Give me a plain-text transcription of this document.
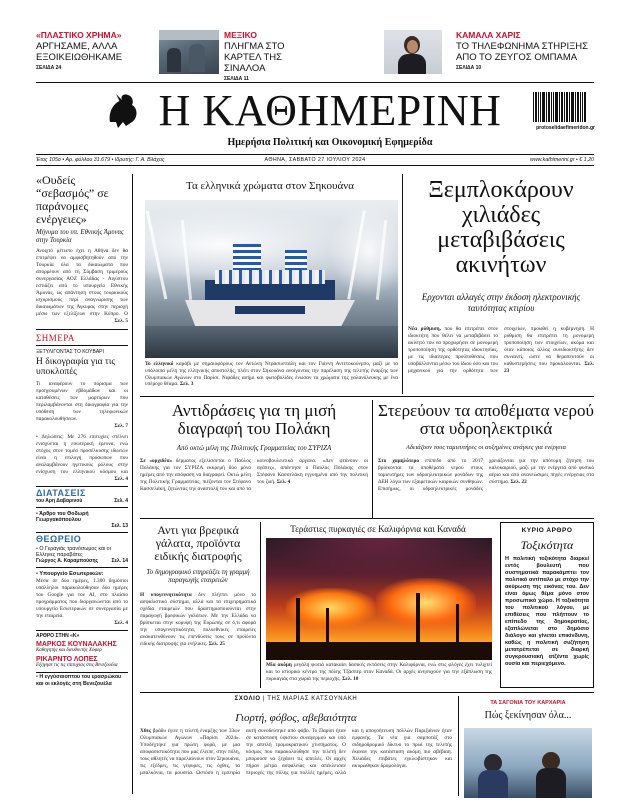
«ΠΛΑΣΤΙΚΟ ΧΡΗΜΑ»
ΑΡΓΗΣΑΜΕ, ΑΛΛΑ ΕΞΟΙΚΕΙΩΘΗΚΑΜΕ
ΣΕΛΙΔΑ 24
ΜΕΞΙΚΟ
ΠΛΗΓΜΑ ΣΤΟ ΚΑΡΤΕΛ ΤΗΣ ΣΙΝΑΛΟΑ
ΣΕΛΙΔΑ 11
ΚΑΜΑΛΑ ΧΑΡΙΣ
ΤΟ ΤΗΛΕΦΩΝΗΜΑ ΣΤΗΡΙΞΗΣ ΑΠΟ ΤΟ ΖΕΥΓΟΣ ΟΜΠΑΜΑ
ΣΕΛΙΔΑ 10
Η ΚΑΘΗΜΕΡΙΝΗ
Ημερήσια Πολιτική και Οικονομική Εφημερίδα
protoselidaefimeridon.gr
Έτος 105ο • Αρ. φύλλου 31.679 • Ιδρυτής: Γ. Α. Βλάχος	ΑΘΗΝΑ, ΣΑΒΒΑΤΟ 27 ΙΟΥΛΙΟΥ 2024	www.kathimerini.gr • € 1,20
«Ουδείς “σεβασμός” σε παράνομες ενέργειες»
Μήνυμα του υπ. Εθνικής Άμυνας στην Τουρκία
Ανοιχτό μέτωπο έχει η Αθήνα δεν θα επιτρέψει να αμφισβητηθούν από την Τουρκία όλα τα δικαιώματα που απορρέουν από τη Σύμβαση τριμερούς συνεργασίας ΑΟΖ Ελλάδας - Αιγύπτου εστιάζει από το υπουργείο Εθνικής Άμυνας, ως απάντηση στους τουρκικούς ισχυρισμούς περί αναγνώρισης των δικαιωμάτων της Άγκυρας στην περιοχή μέσω των εξελίξεων στην Κύπρο. Ο
Σελ. 5
ΣΗΜΕΡΑ
ΞΕΤΥΛΙΓΟΝΤΑΣ ΤΟ ΚΟΥΒΑΡΙ
Η δικογραφία για τις υποκλοπές
Τι αναφέρουν το πόρισμα των προηγουμένων εβδομάδων και οι καταθέσεις των μαρτύρων που περιλαμβάνονται στη δικογραφία για την υπόθεση των τηλεφωνικών παρακολουθήσεων.
Σελ. 7
• Δηλώσεις: Με 276 επιτυχίες στέλνει ενισχύεται η εσωτερική έρευνα, ενώ στόχος στον τομέα προσέλκυσης ιδιωτών είναι η επιλογή πρόσωπων που αναλαμβάνουν ηγετικούς ρόλους στην ενίσχυση του ελληνικού κόσμου και
Σελ. 4
ΔΙΑΤΑΣΕΙΣ
του Αρη Δαβαρινού	Σελ. 4
• Άρθρο του Θοδωρή Γεωργακόπουλου
Σελ. 13
ΘΕΩΡΕΙΟ
• Ο Γεραγιάς τρανόσωμος και οι Ελληνες παραβάτες
Γιώργος Α. Καραμπούσης	Σελ. 14
• Υπουργείο Εσωτερικών:
Μέσα σε δύο ημέρες, 1.300 δημόσιοι υπάλληλοι παρακολούθησαν δύο ημέρες του Google για τον ΑΙ, στο πλαίσιο προγράμματος που διοργανώνεται από το υπουργείο Εσωτερικών σε συνεργασία με την εταιρεία.
Σελ. 4
ΑΡΘΡΟ ΣΤΗΝ «Κ»
ΜΑΡΚΟΣ ΚΟΥΝΑΛΑΚΗΣ
Καθηγητής και διευθυντής Χόφερ
ΡΙΚΑΡΝΤΟ ΛΟΠΕΣ
Εξήγησε τις τις επιτυχίας στις Βενεζουέλα
• Η εγγύσαιοπτου του ερασρώκου και οι εκλογές στη Βενεζουέλα
Τα ελληνικά χρώματα στον Σηκουάνα
Το ελληνικό καράβι με σημαιοφόρους τον Αντώνη Ντρασιυπτάλη και τον Γιάννη Αντετοκούνμπο, μαζί με τα υπόλοιπα μέλη της ελληνικής αποστολής, πλέει στον Σηκουάνα ανοίγοντας την παρέλαση της τελετής έναρξης των Ολυμπιακών Αγώνων στο Παρίσι. Νιφάδες ασήμι και φωτοβολίδες ένωσαν τα χρώματα της γαλανόλευκης με ένα υπέροχο θέαμα. Σελ. 3
Ξεμπλοκάρουν χιλιάδες μεταβιβάσεις ακινήτων
Ερχονται αλλαγές στην έκδοση ηλεκτρονικής ταυτότητας κτιρίου
Νέα ρύθμιση, που θα επιτρέπει στον ιδιοκτήτη που θέλει να μεταβιβάσει το ακίνητό του να προχωρήσει σε μονομερή τροποποίηση της ορθότητας ιδιοκτησίας, με τις ιδιαίτερες προϋποθέσεις που υποβάλλονται μέσω του ίδιου όσο και του μηχανικού για την ορθότητα των στοιχείων, προωθεί η κυβέρνηση. Η ρύθμιση θα επιτρέπει τη μονομερή τροποποίηση των στοιχείων, ακόμα και όταν κάποιος άλλος συνιδιοκτήτης δεν συναινεί, ώστε να θεραπευτούν οι καθυστερήσεις που προκαλούνται. Σελ. 23
Αντιδράσεις για τη μισή διαγραφή του Πολάκη
Από οκτώ μέλη της Πολιτικής Γραμματείας του ΣΥΡΙΖΑ
Σε «ορχιδέα» δέρματος εξελίσσεται ο Παύλος Πολάκης για τον ΣΥΡΙΖΑ εκκρεμή δύο μόνο ημέρες από την απόφαση να διαγραφεί. Οκτώ μέλη της Πολιτικής Γραμματείας, πιέζονται τον Στέφανο Κασσελάκη, ζητώντας την αναστολή του και από τα κοινοβουλευτικά όργανα. «Δεν φτάνουν οι αγάπες», απάντησε ο Παύλος Πολάκης στον Στέφανο Κασσελάκη εγγυημένα από την πολιτική του ζωή. Σελ. 4
Στερεύουν τα αποθέματα νερού στα υδροηλεκτρικά
Αδειάζουν τους ταμιευτήρες οι αυξημένες ανάγκες για ενέργεια
Στο χαμηλότερο επίπεδο από το 2017 βρίσκονται τα αποθέματα νερού στους ταμιευτήρες των υδροηλεκτρικών μονάδων της ΔΕΗ λόγω των εξαιρετικών καιρικών συνθηκών. Επισήμως, οι υδροηλεκτρικές μονάδες χρειάζονται για την απότομη ζήτηση του καλοκαιριού, μαζί με την ενέργεια από φυσικό αέριο και από ανανεώσιμες πηγές ενέργειας στο σύστημα. Σελ. 22
Αντι για βρεφικά γάλατα, προϊόντα ειδικής διατροφής
Το δημογραφικό επηρεάζει τη γραμμή παραγωγής εταιρειών
Η υπογεννητικότητα δεν πλήττει μόνο το ασφαλιστικό σύστημα, αλλά και τα επιχειρηματικά σχέδια εταιρειών που δραστηριοποιούνται στην παραγωγή βρεφικών γαλάτων. Με την Ελλάδα να βρίσκεται στην κορυφή της Ευρώπης σε ό,τι αφορά την υπογεννητικότητα, πολυεθνικές εταιρείες ανακατευθύνουν τις επενδύσεις τους σε προϊόντα ειδικής διατροφής για ενήλικες. Σελ. 25
Τεράστιες πυρκαγιές σε Καλιφόρνια και Καναδά
Μία ακόμη μεγάλη φωτιά κατακαίει δασικές εκτάσεις στην Καλιφόρνια, ενώ στις φλόγες έχει τυλιχτεί και το ιστορικό κέντρο της πόλης Τζάσπερ στον Καναδά. Οι αρχές ανησυχούν για την εξάπλωση της πυρκαγιάς στα χωριά της περιοχής. Σελ. 10
ΚΥΡΙΟ ΑΡΘΡΟ
Τοξικότητα
Η πολιτική τοξικότητα διαρκεί εντός βουλευτή που συστηματικά παρακάμπτει τον πολιτικό αντίπαλο με στόχο την ακύρωση της εικόνας του. Δεν είναι όμως θέμα μόνο στον προσωπικό χώρο. Η τοξικότητα του πολιτικού λόγου, με επιθέσεις που πλήττουν το επίπεδο της δημοκρατίας, εξαπλώνεται στο δημόσιο διάλογο και γίνεται επικίνδυνη, καθώς η πολιτική συζήτηση μετατρέπεται σε διαρκή συγκρουσιακή ατζέντα χωρίς ουσία και περιεχόμενο.
ΣΧΟΛΙΟ | ΤΗΣ ΜΑΡΙΑΣ ΚΑΤΣΟΥΝΑΚΗ
Γιορτή, φόβος, αβεβαιότητα
Χθες βράδυ έγινε η τελετή έναρξης των 33ων Ολυμπιακών Αγώνων «Παρίσι 2024». Υποδέχτηκε για πρώτη φορά, με μια αποφασιστικότητα που μας έλειπε, στην πόλη, τους αθλητές να παρελαύνουν στον Σηκουάνα, τις εξέδρες, τις γέφυρες, τις όχθες, τα μπαλκόνια, τα μουσεία. Ωστόσο η εμπειρία αυτή συνοδεύτηκε από φόβο. Το Παρίσι ήταν σε κατάσταση ύψιστου συναγερμού και υπό την απειλή τρομοκρατικού χτυπήματος. Ο κόσμος που παρακολούθησε την τελετή δεν μπορούσε να ξεχάσει τις απειλές. Οι αρχές πήραν μέτρα ασφαλείας και απέκλεισαν περιοχές της πόλης για πολλές ημέρες, αλλά και η απογοήτευση πολλών Παριζιάνων ήταν εμφανής. Τα νέα για σαμποτάζ στο σιδηροδρομικό δίκτυο το πρωί της τελετής έκαναν την κατάσταση ακόμη πιο αβέβαιη. Χιλιάδες επιβάτες εγκλωβίστηκαν και ακυρώθηκαν δρομολόγια.
ΤΑ ΣΑΓΟΝΙΑ ΤΟΥ ΚΑΡΧΑΡΙΑ
Πώς ξεκίνησαν όλα...
